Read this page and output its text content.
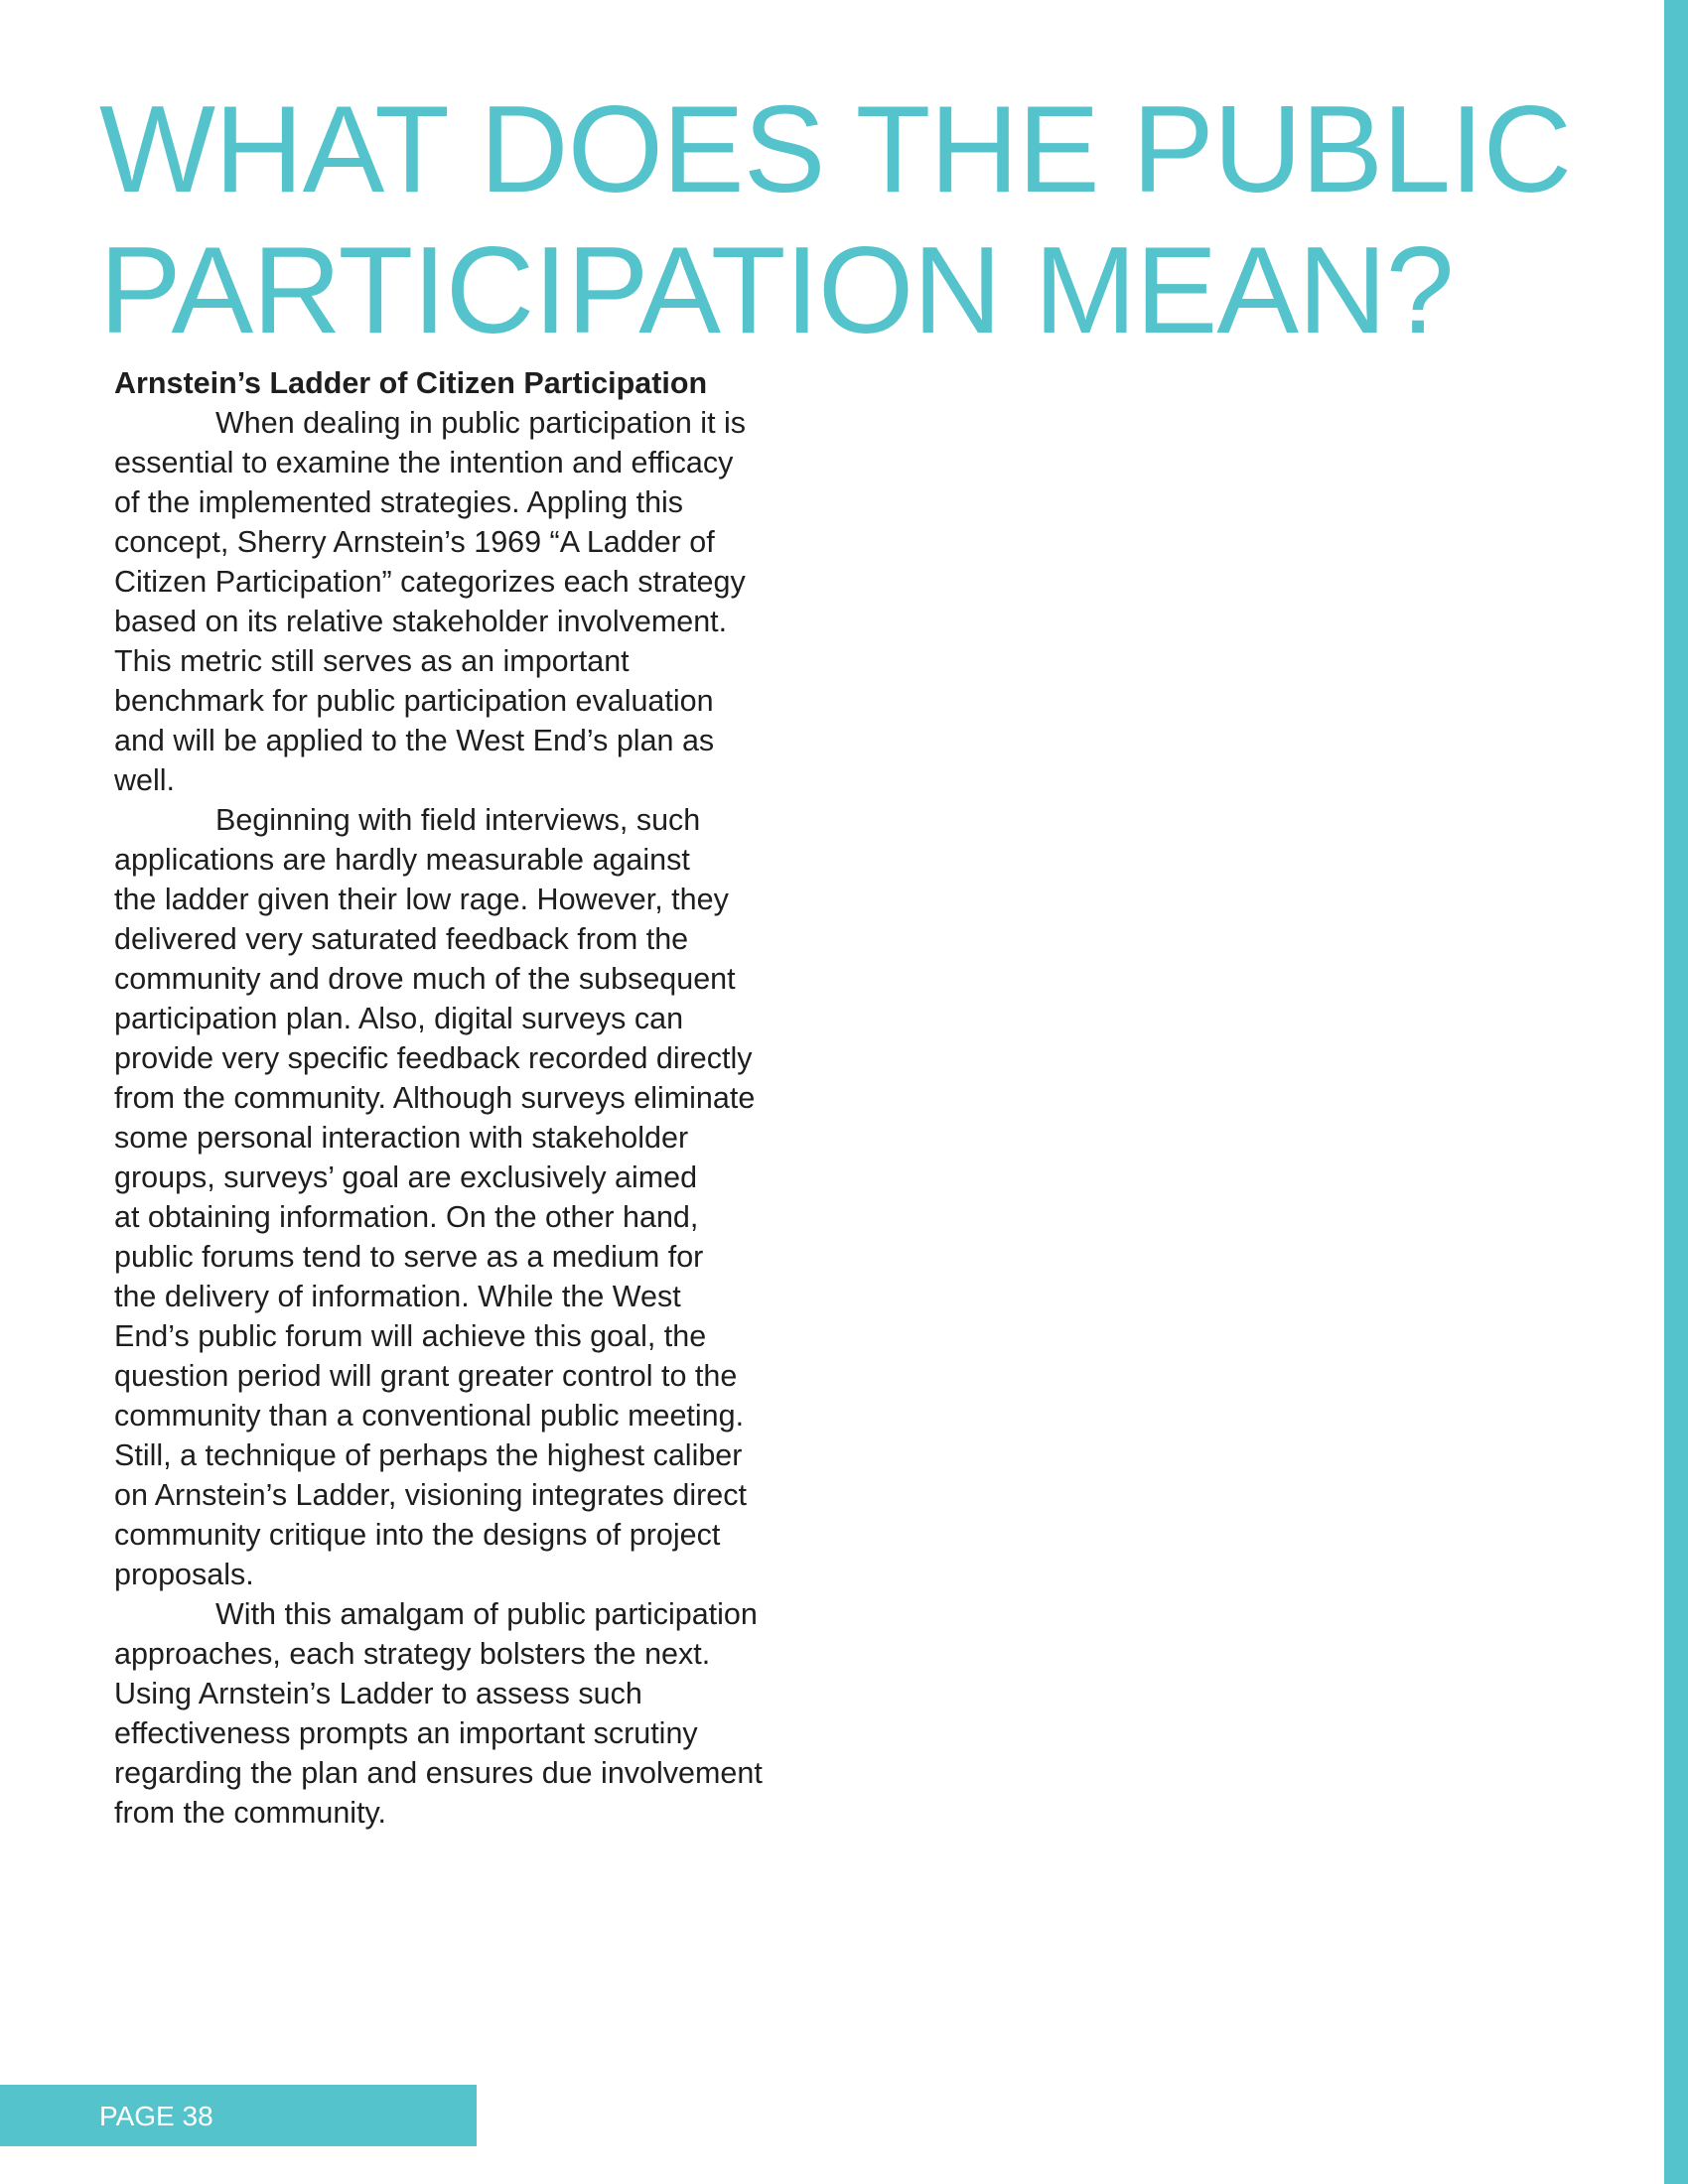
WHAT DOES THE PUBLIC
PARTICIPATION MEAN?
Arnstein’s Ladder of Citizen Participation

When dealing in public participation it is
essential to examine the intention and efficacy
of the implemented strategies. Appling this
concept, Sherry Arnstein’s 1969 “A Ladder of
Citizen Participation” categorizes each strategy
based on its relative stakeholder involvement.
This metric still serves as an important
benchmark for public participation evaluation
and will be applied to the West End’s plan as
well.

Beginning with field interviews, such
applications are hardly measurable against
the ladder given their low rage. However, they
delivered very saturated feedback from the
community and drove much of the subsequent
participation plan. Also, digital surveys can
provide very specific feedback recorded directly
from the community. Although surveys eliminate
some personal interaction with stakeholder
groups, surveys’ goal are exclusively aimed
at obtaining information. On the other hand,
public forums tend to serve as a medium for
the delivery of information. While the West
End’s public forum will achieve this goal, the
question period will grant greater control to the
community than a conventional public meeting.
Still, a technique of perhaps the highest caliber
on Arnstein’s Ladder, visioning integrates direct
community critique into the designs of project
proposals.

With this amalgam of public participation
approaches, each strategy bolsters the next.
Using Arnstein’s Ladder to assess such
effectiveness prompts an important scrutiny
regarding the plan and ensures due involvement
from the community.

PAGE 38
